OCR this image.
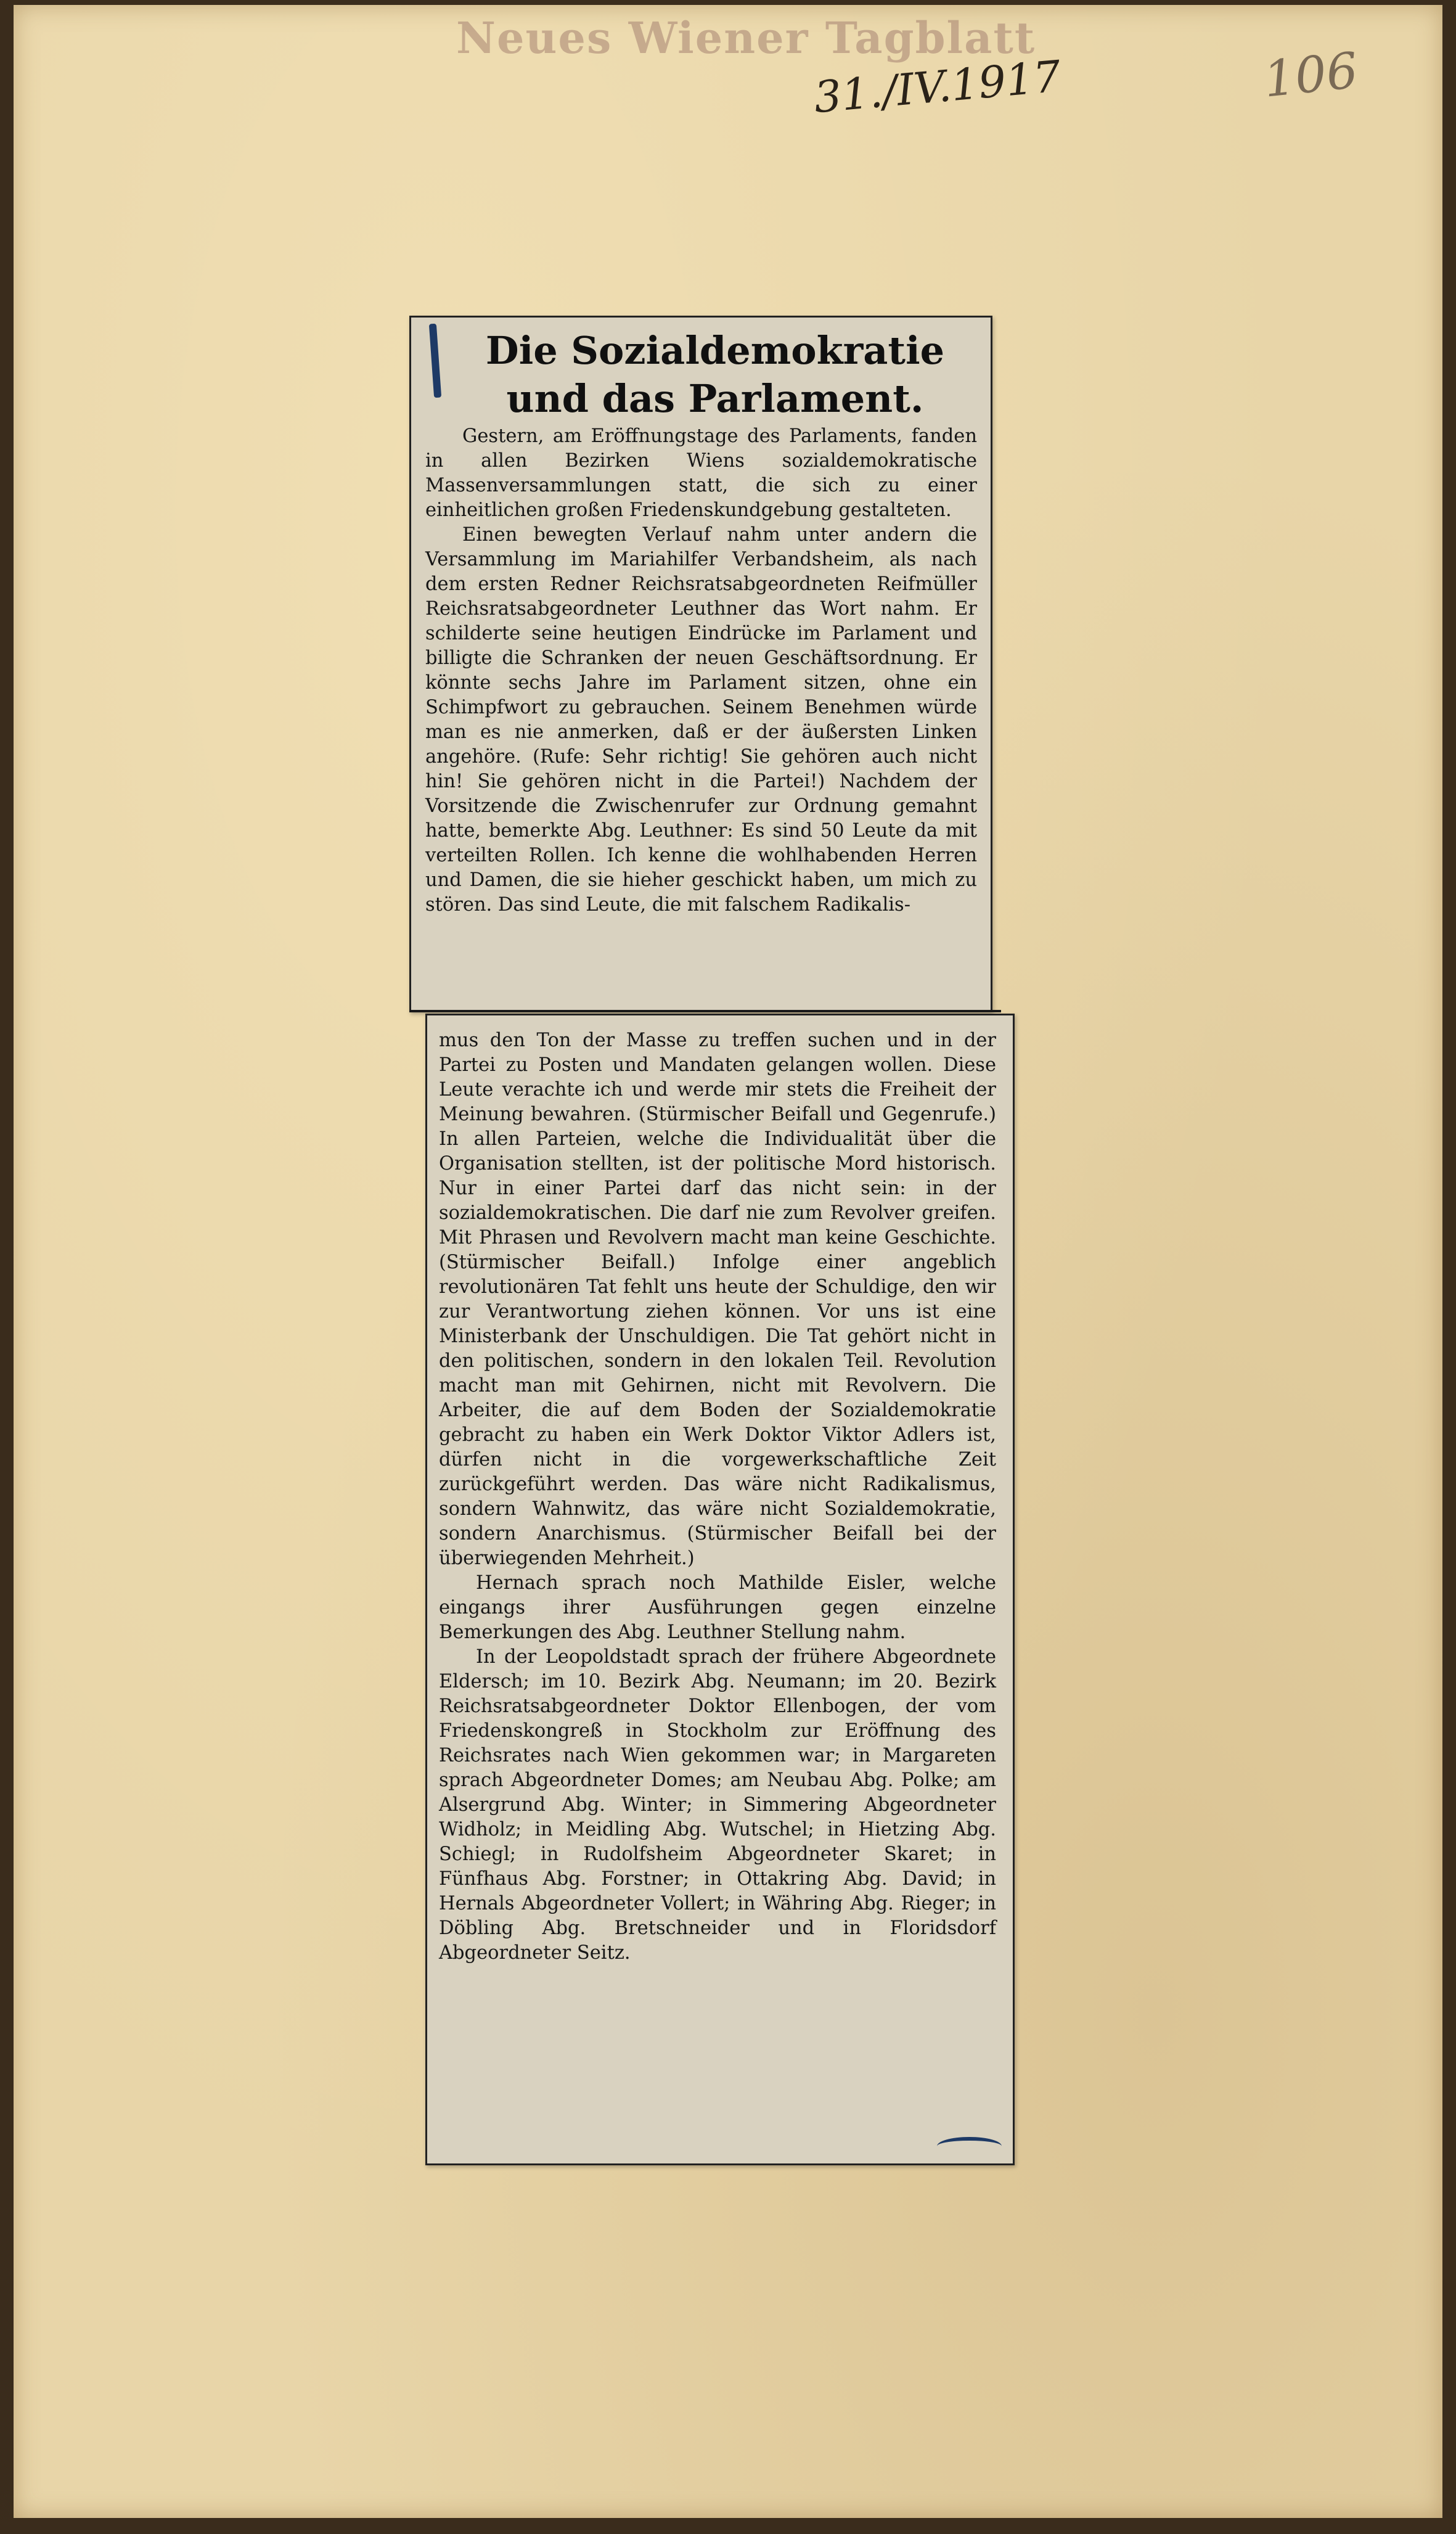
Neues Wiener Tagblatt
31./IV.1917	106
Die Sozialdemokratie und das Parlament.

Gestern, am Eröffnungstage des Parlaments, fanden in allen Bezirken Wiens sozialdemokratische Massenversammlungen statt, die sich zu einer einheitlichen großen Friedenskundgebung gestalteten.

Einen bewegten Verlauf nahm unter andern die Versammlung im Mariahilfer Verbandsheim, als nach dem ersten Redner Reichsratsabgeordneten Reifmüller Reichsratsabgeordneter Leuthner das Wort nahm. Er schilderte seine heutigen Eindrücke im Parlament und billigte die Schranken der neuen Geschäftsordnung. Er könnte sechs Jahre im Parlament sitzen, ohne ein Schimpfwort zu gebrauchen. Seinem Benehmen würde man es nie anmerken, daß er der äußersten Linken angehöre. (Rufe: Sehr richtig! Sie gehören auch nicht hin! Sie gehören nicht in die Partei!) Nachdem der Vorsitzende die Zwischenrufer zur Ordnung gemahnt hatte, bemerkte Abg. Leuthner: Es sind 50 Leute da mit verteilten Rollen. Ich kenne die wohlhabenden Herren und Damen, die sie hieher geschickt haben, um mich zu stören. Das sind Leute, die mit falschem Radikalis-

mus den Ton der Masse zu treffen suchen und in der Partei zu Posten und Mandaten gelangen wollen. Diese Leute verachte ich und werde mir stets die Freiheit der Meinung bewahren. (Stürmischer Beifall und Gegenrufe.) In allen Parteien, welche die Individualität über die Organisation stellten, ist der politische Mord historisch. Nur in einer Partei darf das nicht sein: in der sozialdemokratischen. Die darf nie zum Revolver greifen. Mit Phrasen und Revolvern macht man keine Geschichte. (Stürmischer Beifall.) Infolge einer angeblich revolutionären Tat fehlt uns heute der Schuldige, den wir zur Verantwortung ziehen können. Vor uns ist eine Ministerbank der Unschuldigen. Die Tat gehört nicht in den politischen, sondern in den lokalen Teil. Revolution macht man mit Gehirnen, nicht mit Revolvern. Die Arbeiter, die auf dem Boden der Sozialdemokratie gebracht zu haben ein Werk Doktor Viktor Adlers ist, dürfen nicht in die vorgewerkschaftliche Zeit zurückgeführt werden. Das wäre nicht Radikalismus, sondern Wahnwitz, das wäre nicht Sozialdemokratie, sondern Anarchismus. (Stürmischer Beifall bei der überwiegenden Mehrheit.)

Hernach sprach noch Mathilde Eisler, welche eingangs ihrer Ausführungen gegen einzelne Bemerkungen des Abg. Leuthner Stellung nahm.

In der Leopoldstadt sprach der frühere Abgeordnete Eldersch; im 10. Bezirk Abg. Neumann; im 20. Bezirk Reichsratsabgeordneter Doktor Ellenbogen, der vom Friedenskongreß in Stockholm zur Eröffnung des Reichsrates nach Wien gekommen war; in Margareten sprach Abgeordneter Domes; am Neubau Abg. Polke; am Alsergrund Abg. Winter; in Simmering Abgeordneter Widholz; in Meidling Abg. Wutschel; in Hietzing Abg. Schiegl; in Rudolfsheim Abgeordneter Skaret; in Fünfhaus Abg. Forstner; in Ottakring Abg. David; in Hernals Abgeordneter Vollert; in Währing Abg. Rieger; in Döbling Abg. Bretschneider und in Floridsdorf Abgeordneter Seitz.
